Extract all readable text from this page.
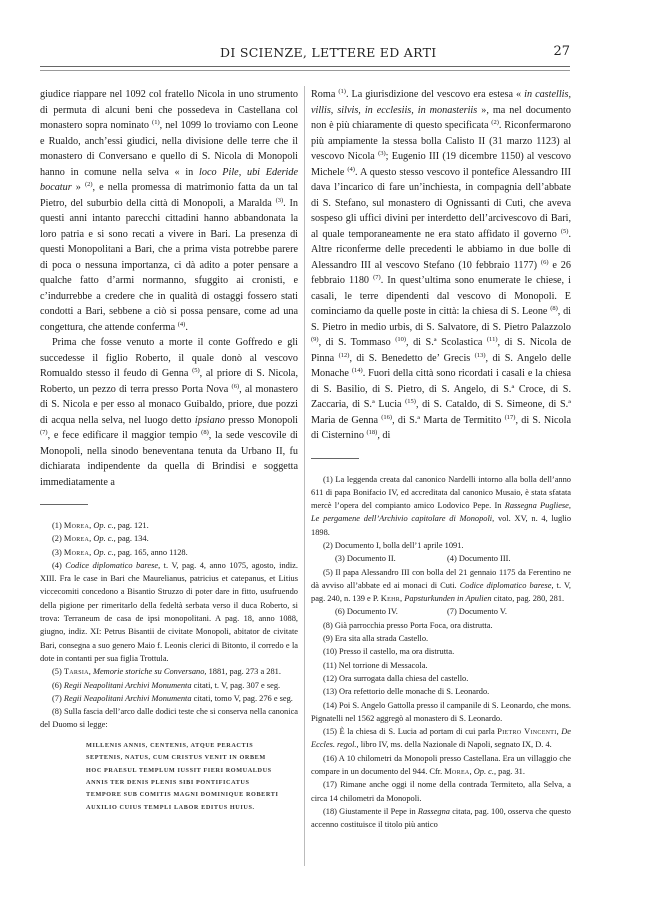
DI SCIENZE, LETTERE ED ARTI	27

giudice riappare nel 1092 col fratello Nicola in uno strumento di permuta di alcuni beni che possedeva in Castellana col monastero sopra nominato $^{(1)}$, nel 1099 lo troviamo con Leone e Rualdo, anch’essi giudici, nella divisione delle terre che il monastero di Conversano e quello di S. Nicola di Monopoli hanno in comune nella selva « in loco Pile, ubi Ederide bocatur » $^{(2)}$, e nella promessa di matrimonio fatta da un tal Pietro, del suburbio della città di Monopoli, a Maralda $^{(3)}$. In questi anni intanto parecchi cittadini hanno abbandonata la loro patria e si sono recati a vivere in Bari. La presenza di questi Monopolitani a Bari, che a prima vista potrebbe parere di poca o nessuna importanza, ci dà adito a poter pensare a qualche fatto d’armi normanno, sfuggito ai cronisti, e c’indurrebbe a credere che in qualità di ostaggi fossero stati condotti a Bari, sebbene a ciò si possa pensare, come ad una congettura, che attende conferma $^{(4)}$.

Prima che fosse venuto a morte il conte Goffredo e gli succedesse il figlio Roberto, il quale donò al vescovo Romualdo stesso il feudo di Genna $^{(5)}$, al priore di S. Nicola, Roberto, un pezzo di terra presso Porta Nova $^{(6)}$, al monastero di S. Nicola e per esso al monaco Guibaldo, priore, due pozzi di acqua nella selva, nel luogo detto ipsiano presso Monopoli $^{(7)}$, e fece edificare il maggior tempio $^{(8)}$, la sede vescovile di Monopoli, nella sinodo beneventana tenuta da Urbano II, fu dichiarata indipendente da quella di Brindisi e soggetta immediatamente a

(1) Morea, Op. c., pag. 121.
(2) Morea, Op. c., pag. 134.
(3) Morea, Op. c., pag. 165, anno 1128.
(4) Codice diplomatico barese, t. V, pag. 4, anno 1075, agosto, indiz. XIII. Fra le case in Bari che Maurelianus, patricius et catepanus, et Litius viccecomiti concedono a Bisantio Struzzo di poter dare in fitto, usufruendo della pigione per rimeritarlo della fedeltà serbata verso il duca Roberto, si trova: Terraneum de casa de ipsi monopolitani. A pag. 18, anno 1088, giugno, indiz. XI: Petrus Bisantii de civitate Monopoli, abitator de civitate Bari, consegna a suo genero Maio f. Leonis clerici di Bitonto, il corredo e la dote in contanti per sua figlia Trottula.
(5) Tarsia, Memorie storiche su Conversano, 1881, pag. 273 a 281.
(6) Regii Neapolitani Archivi Monumenta citati, t. V, pag. 307 e seg.
(7) Regii Neapolitani Archivi Monumenta citati, tomo V, pag. 276 e seg.
(8) Sulla fascia dell’arco dalle dodici teste che si conserva nella canonica del Duomo si legge:
MILLENIS ANNIS, CENTENIS, ATQUE PERACTIS
SEPTENIS, NATUS, CUM CRISTUS VENIT IN ORBEM
HOC PRAESUL TEMPLUM IUSSIT FIERI ROMUALDUS
ANNIS TER DENIS PLENIS SIBI PONTIFICATUS
TEMPORE SUB COMITIS MAGNI DOMINIQUE ROBERTI
AUXILIO CUIUS TEMPLI LABOR EDITUS HUIUS.

Roma $^{(1)}$. La giurisdizione del vescovo era estesa « in castellis, villis, silvis, in ecclesiis, in monasteriis », ma nel documento non è più chiaramente di questo specificata $^{(2)}$. Riconfermarono più ampiamente la stessa bolla Calisto II (31 marzo 1123) al vescovo Nicola $^{(3)}$; Eugenio III (19 dicembre 1150) al vescovo Michele $^{(4)}$. A questo stesso vescovo il pontefice Alessandro III dava l’incarico di fare un’inchiesta, in compagnia dell’abbate di S. Stefano, sul monastero di Ognissanti di Cuti, che aveva sospeso gli uffici divini per interdetto dell’arcivescovo di Bari, al quale temporaneamente ne era stato affidato il governo $^{(5)}$. Altre riconferme delle precedenti le abbiamo in due bolle di Alessandro III al vescovo Stefano (10 febbraio 1177) $^{(6)}$ e 26 febbraio 1180 $^{(7)}$. In quest’ultima sono enumerate le chiese, i casali, le terre dipendenti dal vescovo di Monopoli. E cominciamo da quelle poste in città: la chiesa di S. Leone $^{(8)}$, di S. Pietro in medio urbis, di S. Salvatore, di S. Pietro Palazzolo $^{(9)}$, di S. Tommaso $^{(10)}$, di S.ª Scolastica $^{(11)}$, di S. Nicola de Pinna $^{(12)}$, di S. Benedetto de’ Grecis $^{(13)}$, di S. Angelo delle Monache $^{(14)}$. Fuori della città sono ricordati i casali e la chiesa di S. Basilio, di S. Pietro, di S. Angelo, di S.ª Croce, di S. Zaccaria, di S.ª Lucia $^{(15)}$, di S. Cataldo, di S. Simeone, di S.ª Maria de Genna $^{(16)}$, di S.ª Marta de Termitito $^{(17)}$, di S. Nicola di Cisternino $^{(18)}$, di

(1) La leggenda creata dal canonico Nardelli intorno alla bolla dell’anno 611 di papa Bonifacio IV, ed accreditata dal canonico Musaio, è stata sfatata mercè l’opera del compianto amico Lodovico Pepe. In Rassegna Pugliese, Le pergamene dell’Archivio capitolare di Monopoli, vol. XV, n. 4, luglio 1898.
(2) Documento I, bolla dell’1 aprile 1091.
(3) Documento II.	(4) Documento III.
(5) Il papa Alessandro III con bolla del 21 gennaio 1175 da Ferentino ne dà avviso all’abbate ed ai monaci di Cuti. Codice diplomatico barese, t. V, pag. 240, n. 139 e P. Kehr, Papsturkunden in Apulien citato, pag. 280, 281.
(6) Documento IV.	(7) Documento V.
(8) Già parrocchia presso Porta Foca, ora distrutta.
(9) Era sita alla strada Castello.
(10) Presso il castello, ma ora distrutta.
(11) Nel torrione di Messacola.
(12) Ora surrogata dalla chiesa del castello.
(13) Ora refettorio delle monache di S. Leonardo.
(14) Poi S. Angelo Gattolla presso il campanile di S. Leonardo, che mons. Pignatelli nel 1562 aggregò al monastero di S. Leonardo.
(15) È la chiesa di S. Lucia ad portam di cui parla Pietro Vincenti, De Eccles. regol., libro IV, ms. della Nazionale di Napoli, segnato IX, D. 4.
(16) A 10 chilometri da Monopoli presso Castellana. Era un villaggio che compare in un documento del 944. Cfr. Morea, Op. c., pag. 31.
(17) Rimane anche oggi il nome della contrada Termiteto, alla Selva, a circa 14 chilometri da Monopoli.
(18) Giustamente il Pepe in Rassegna citata, pag. 100, osserva che questo accenno costituisce il titolo più antico
